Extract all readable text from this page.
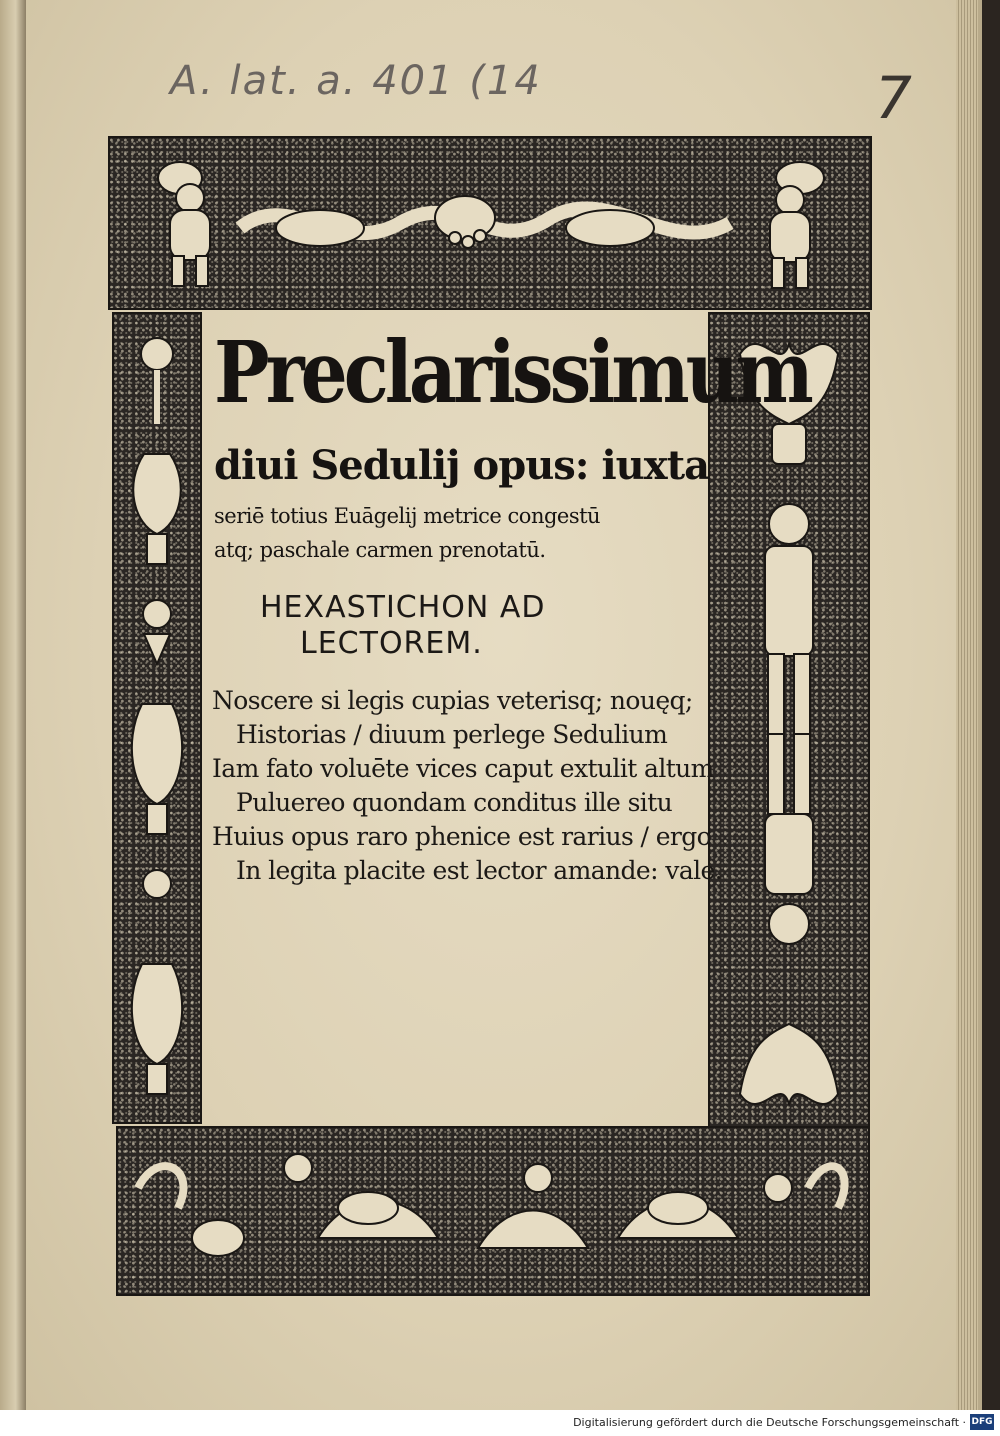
A. lat. a. 401 (14	7
Preclarissimum
diui Sedulij opus: iuxta
seriē totius Euāgelij metrice congestū
atq; paschale carmen prenotatū.
HEXASTICHON AD
LECTOREM.
Noscere si legis cupias veterisq; nouęq;
Historias / diuum perlege Sedulium
Iam fato voluēte vices caput extulit altum
Puluereo quondam conditus ille situ
Huius opus raro phenice est rarius / ergo
In legita placite est lector amande: vale.
Digitalisierung gefördert durch die Deutsche Forschungsgemeinschaft · DFG
